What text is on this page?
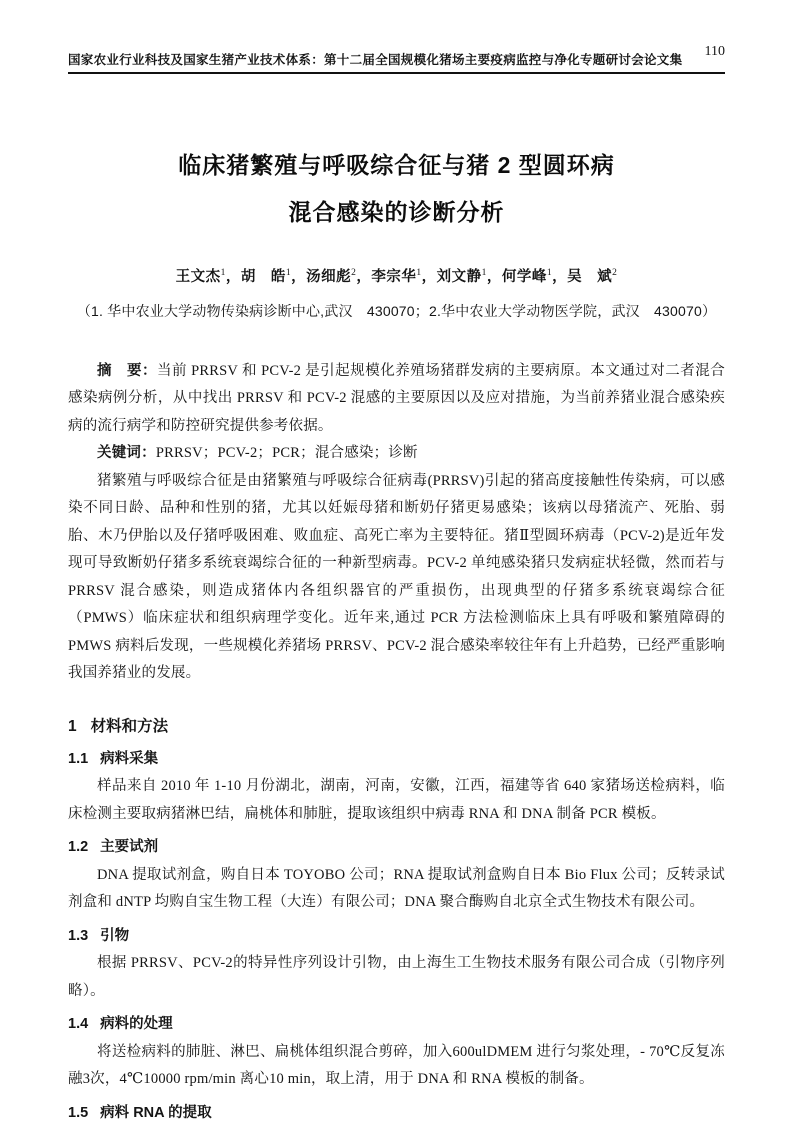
国家农业行业科技及国家生猪产业技术体系：第十二届全国规模化猪场主要疫病监控与净化专题研讨会论文集
110
临床猪繁殖与呼吸综合征与猪 2 型圆环病
混合感染的诊断分析
王文杰$^1$，胡　皓$^1$，汤细彪$^2$，李宗华$^1$，刘文静$^1$，何学峰$^1$，吴　斌$^2$
（1. 华中农业大学动物传染病诊断中心,武汉　430070；2.华中农业大学动物医学院，武汉　430070）

摘　要：当前 PRRSV 和 PCV-2 是引起规模化养殖场猪群发病的主要病原。本文通过对二者混合感染病例分析，从中找出 PRRSV 和 PCV-2 混感的主要原因以及应对措施，为当前养猪业混合感染疾病的流行病学和防控研究提供参考依据。

关键词：PRRSV；PCV-2；PCR；混合感染；诊断

猪繁殖与呼吸综合征是由猪繁殖与呼吸综合征病毒(PRRSV)引起的猪高度接触性传染病，可以感染不同日龄、品种和性别的猪，尤其以妊娠母猪和断奶仔猪更易感染；该病以母猪流产、死胎、弱胎、木乃伊胎以及仔猪呼吸困难、败血症、高死亡率为主要特征。猪Ⅱ型圆环病毒（PCV-2)是近年发现可导致断奶仔猪多系统衰竭综合征的一种新型病毒。PCV-2 单纯感染猪只发病症状轻微，然而若与 PRRSV 混合感染，则造成猪体内各组织器官的严重损伤，出现典型的仔猪多系统衰竭综合征（PMWS）临床症状和组织病理学变化。近年来,通过 PCR 方法检测临床上具有呼吸和繁殖障碍的 PMWS 病料后发现，一些规模化养猪场 PRRSV、PCV-2 混合感染率较往年有上升趋势，已经严重影响我国养猪业的发展。

1 材料和方法
1.1 病料采集

样品来自 2010 年 1-10 月份湖北，湖南，河南，安徽，江西，福建等省 640 家猪场送检病料，临床检测主要取病猪淋巴结，扁桃体和肺脏，提取该组织中病毒 RNA 和 DNA 制备 PCR 模板。

1.2 主要试剂

DNA 提取试剂盒，购自日本 TOYOBO 公司；RNA 提取试剂盒购自日本 Bio Flux 公司；反转录试剂盒和 dNTP 均购自宝生物工程（大连）有限公司；DNA 聚合酶购自北京全式生物技术有限公司。

1.3 引物

根据 PRRSV、PCV-2的特异性序列设计引物，由上海生工生物技术服务有限公司合成（引物序列略）。

1.4 病料的处理

将送检病料的肺脏、淋巴、扁桃体组织混合剪碎，加入600ulDMEM 进行匀浆处理，- 70℃反复冻融3次，4℃10000 rpm/min 离心10 min，取上清，用于 DNA 和 RNA 模板的制备。

1.5 病料 RNA 的提取
